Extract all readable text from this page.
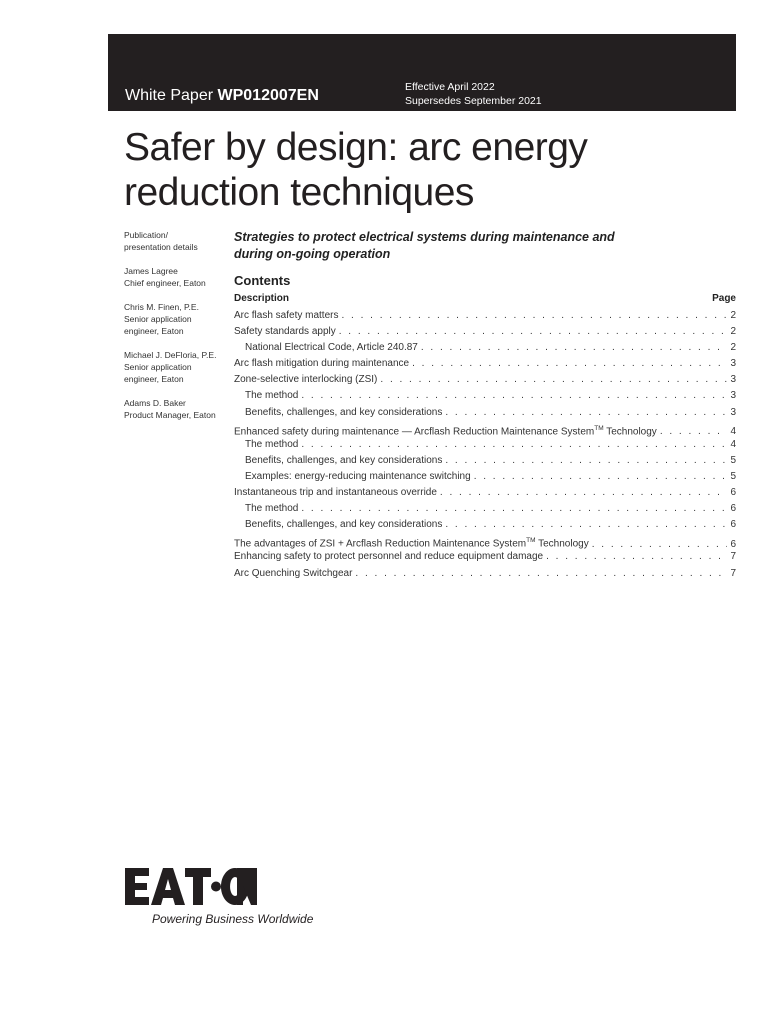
White Paper WP012007EN	Effective April 2022
Supersedes September 2021
Safer by design: arc energy
reduction techniques
Publication/
presentation details
James Lagree
Chief engineer, Eaton
Chris M. Finen, P.E.
Senior application
engineer, Eaton
Michael J. DeFloria, P.E.
Senior application
engineer, Eaton
Adams D. Baker
Product Manager, Eaton

Strategies to protect electrical systems during maintenance and during on-going operation

Contents
Description	Page
Arc flash safety matters . . .	2
Safety standards apply . . .	2
National Electrical Code, Article 240.87 . . .	2
Arc flash mitigation during maintenance . . .	3
Zone-selective interlocking (ZSI) . . .	3
The method . . .	3
Benefits, challenges, and key considerations . . .	3
Enhanced safety during maintenance — Arcflash Reduction Maintenance System™ Technology . . .	4
The method . . .	4
Benefits, challenges, and key considerations . . .	5
Examples: energy-reducing maintenance switching . . .	5
Instantaneous trip and instantaneous override . . .	6
The method . . .	6
Benefits, challenges, and key considerations . . .	6
The advantages of ZSI + Arcflash Reduction Maintenance System™ Technology . . .	6
Enhancing safety to protect personnel and reduce equipment damage . . .	7
Arc Quenching Switchgear . . .	7
Powering Business Worldwide
